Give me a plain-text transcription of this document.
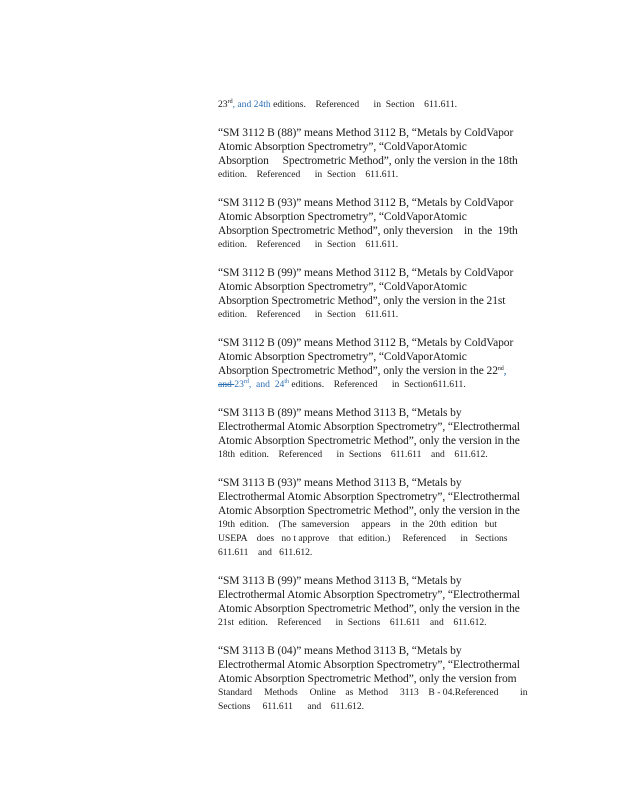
23rd, and 24th editions.    Referenced      in  Section    611.611.

“SM 3112 B (88)” means Method 3112 B, “Metals by ColdVapor
Atomic Absorption Spectrometry”, “ColdVaporAtomic
Absorption     Spectrometric Method”, only the version in the 18th
edition.    Referenced      in  Section    611.611.

“SM 3112 B (93)” means Method 3112 B, “Metals by ColdVapor
Atomic Absorption Spectrometry”, “ColdVaporAtomic
Absorption Spectrometric Method”, only theversion    in  the  19th
edition.    Referenced      in  Section    611.611.

“SM 3112 B (99)” means Method 3112 B, “Metals by ColdVapor
Atomic Absorption Spectrometry”, “ColdVaporAtomic
Absorption Spectrometric Method”, only the version in the 21st
edition.    Referenced      in  Section    611.611.

“SM 3112 B (09)” means Method 3112 B, “Metals by ColdVapor
Atomic Absorption Spectrometry”, “ColdVaporAtomic
Absorption Spectrometric Method”, only the version in the 22nd,
and 23rd,  and  24th editions.    Referenced      in  Section611.611.

“SM 3113 B (89)” means Method 3113 B, “Metals by
Electrothermal Atomic Absorption Spectrometry”, “Electrothermal
Atomic Absorption Spectrometric Method”, only the version in the
18th  edition.    Referenced      in  Sections    611.611    and    611.612.

“SM 3113 B (93)” means Method 3113 B, “Metals by
Electrothermal Atomic Absorption Spectrometry”, “Electrothermal
Atomic Absorption Spectrometric Method”, only the version in the
19th  edition.    (The  sameversion     appears    in  the  20th  edition   but
USEPA    does   no t approve    that  edition.)     Referenced      in   Sections
611.611    and   611.612.

“SM 3113 B (99)” means Method 3113 B, “Metals by
Electrothermal Atomic Absorption Spectrometry”, “Electrothermal
Atomic Absorption Spectrometric Method”, only the version in the
21st  edition.    Referenced      in  Sections    611.611    and    611.612.

“SM 3113 B (04)” means Method 3113 B, “Metals by
Electrothermal Atomic Absorption Spectrometry”, “Electrothermal
Atomic Absorption Spectrometric Method”, only the version from
Standard     Methods     Online    as  Method     3113    B - 04.Referenced         in
Sections     611.611      and    611.612.
